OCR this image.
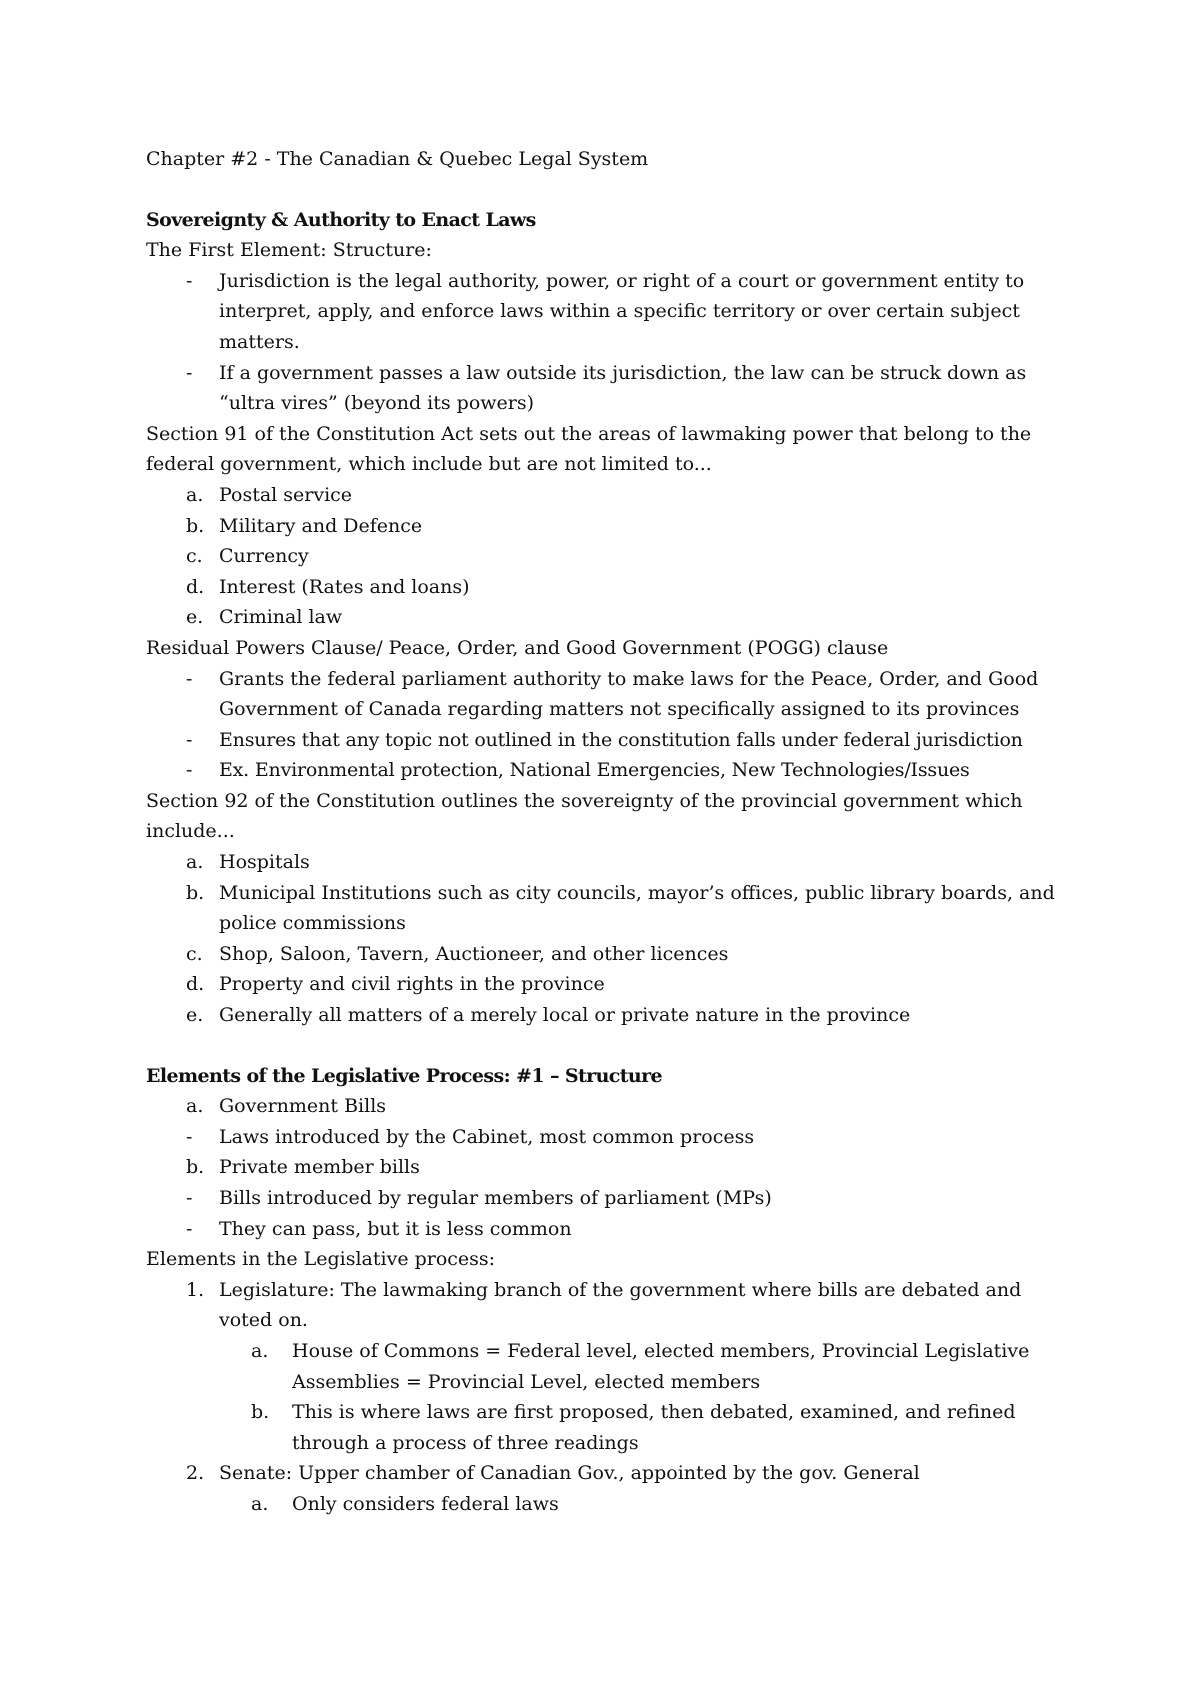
Chapter #2 - The Canadian & Quebec Legal System
Sovereignty & Authority to Enact Laws
The First Element: Structure:
- Jurisdiction is the legal authority, power, or right of a court or government entity to interpret, apply, and enforce laws within a specific territory or over certain subject matters.
- If a government passes a law outside its jurisdiction, the law can be struck down as “ultra vires” (beyond its powers)
Section 91 of the Constitution Act sets out the areas of lawmaking power that belong to the federal government, which include but are not limited to...
a. Postal service
b. Military and Defence
c. Currency
d. Interest (Rates and loans)
e. Criminal law
Residual Powers Clause/ Peace, Order, and Good Government (POGG) clause
- Grants the federal parliament authority to make laws for the Peace, Order, and Good Government of Canada regarding matters not specifically assigned to its provinces
- Ensures that any topic not outlined in the constitution falls under federal jurisdiction
- Ex. Environmental protection, National Emergencies, New Technologies/Issues
Section 92 of the Constitution outlines the sovereignty of the provincial government which include...
a. Hospitals
b. Municipal Institutions such as city councils, mayor’s offices, public library boards, and police commissions
c. Shop, Saloon, Tavern, Auctioneer, and other licences
d. Property and civil rights in the province
e. Generally all matters of a merely local or private nature in the province
Elements of the Legislative Process: #1 – Structure
a. Government Bills
- Laws introduced by the Cabinet, most common process
b. Private member bills
- Bills introduced by regular members of parliament (MPs)
- They can pass, but it is less common
Elements in the Legislative process:
1. Legislature: The lawmaking branch of the government where bills are debated and voted on.
a. House of Commons = Federal level, elected members, Provincial Legislative Assemblies = Provincial Level, elected members
b. This is where laws are first proposed, then debated, examined, and refined through a process of three readings
2. Senate: Upper chamber of Canadian Gov., appointed by the gov. General
a. Only considers federal laws
